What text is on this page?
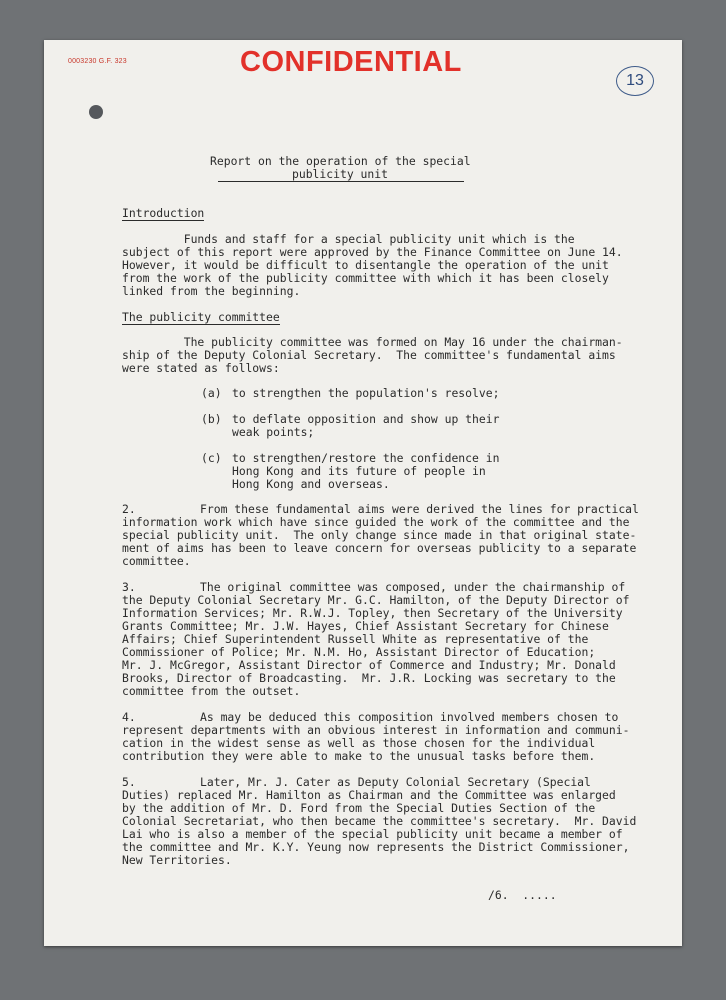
0003230 G.F. 323	CONFIDENTIAL
13
Report on the operation of the special
publicity unit
Introduction
Funds and staff for a special publicity unit which is the
subject of this report were approved by the Finance Committee on June 14.
However, it would be difficult to disentangle the operation of the unit
from the work of the publicity committee with which it has been closely
linked from the beginning.
The publicity committee
The publicity committee was formed on May 16 under the chairman-
ship of the Deputy Colonial Secretary.  The committee's fundamental aims
were stated as follows:
(a) to strengthen the population's resolve;
(b) to deflate opposition and show up their
weak points;
(c) to strengthen/restore the confidence in
Hong Kong and its future of people in
Hong Kong and overseas.
2.	From these fundamental aims were derived the lines for practical
information work which have since guided the work of the committee and the
special publicity unit.  The only change since made in that original state-
ment of aims has been to leave concern for overseas publicity to a separate
committee.
3.	The original committee was composed, under the chairmanship of
the Deputy Colonial Secretary Mr. G.C. Hamilton, of the Deputy Director of
Information Services; Mr. R.W.J. Topley, then Secretary of the University
Grants Committee; Mr. J.W. Hayes, Chief Assistant Secretary for Chinese
Affairs; Chief Superintendent Russell White as representative of the
Commissioner of Police; Mr. N.M. Ho, Assistant Director of Education;
Mr. J. McGregor, Assistant Director of Commerce and Industry; Mr. Donald
Brooks, Director of Broadcasting.  Mr. J.R. Locking was secretary to the
committee from the outset.
4.	As may be deduced this composition involved members chosen to
represent departments with an obvious interest in information and communi-
cation in the widest sense as well as those chosen for the individual
contribution they were able to make to the unusual tasks before them.
5.	Later, Mr. J. Cater as Deputy Colonial Secretary (Special
Duties) replaced Mr. Hamilton as Chairman and the Committee was enlarged
by the addition of Mr. D. Ford from the Special Duties Section of the
Colonial Secretariat, who then became the committee's secretary.  Mr. David
Lai who is also a member of the special publicity unit became a member of
the committee and Mr. K.Y. Yeung now represents the District Commissioner,
New Territories.
/6.  .....
